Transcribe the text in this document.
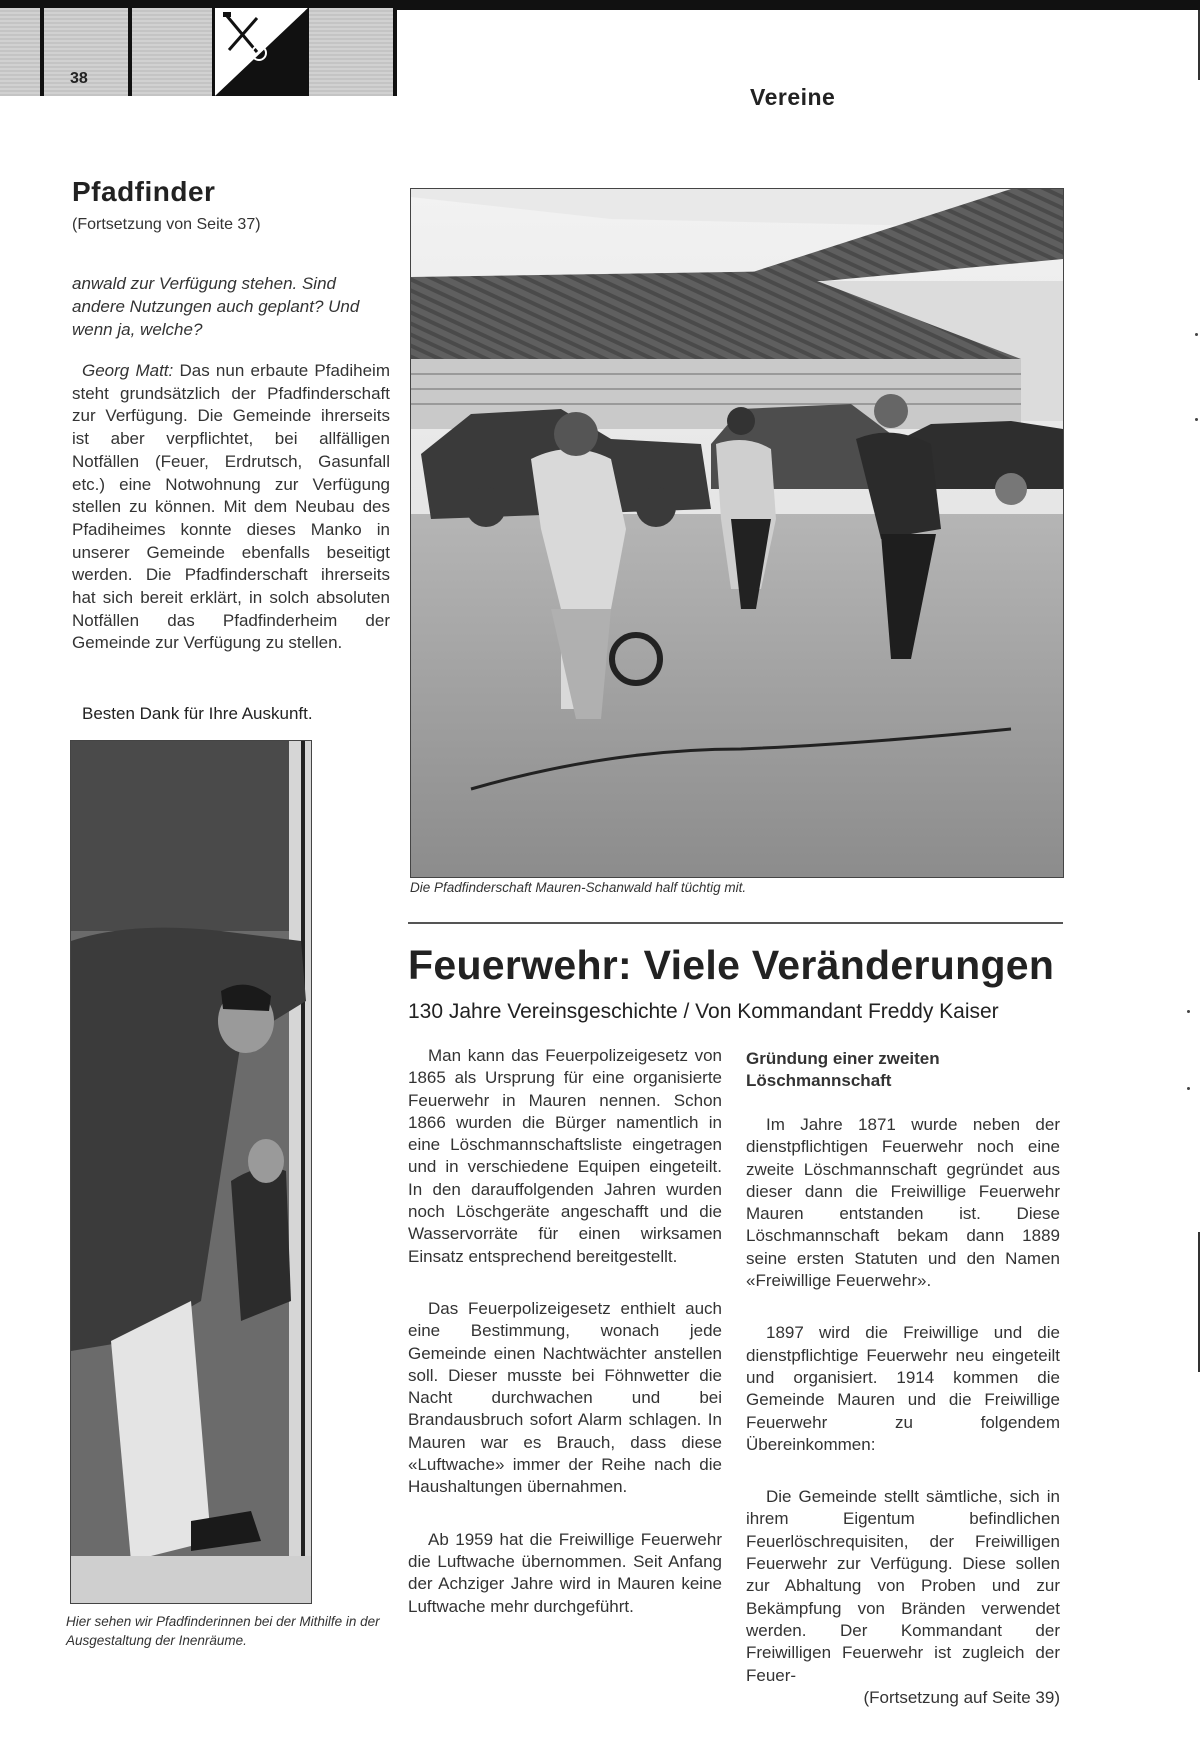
38
Vereine
Pfadfinder
(Fortsetzung von Seite 37)
anwald zur Verfügung stehen. Sind andere Nutzungen auch geplant? Und wenn ja, welche?
Georg Matt: Das nun erbaute Pfadiheim steht grundsätzlich der Pfadfinderschaft zur Verfügung. Die Gemeinde ihrerseits ist aber verpflichtet, bei allfälligen Notfällen (Feuer, Erdrutsch, Gasunfall etc.) eine Notwohnung zur Verfügung stellen zu können. Mit dem Neubau des Pfadiheimes konnte dieses Manko in unserer Gemeinde ebenfalls beseitigt werden. Die Pfadfinderschaft ihrerseits hat sich bereit erklärt, in solch absoluten Notfällen das Pfadfinderheim der Gemeinde zur Verfügung zu stellen.
Besten Dank für Ihre Auskunft.
Die Pfadfinderschaft Mauren-Schanwald half tüchtig mit.
Hier sehen wir Pfadfinderinnen bei der Mithilfe in der Ausgestaltung der Inenräume.
Feuerwehr: Viele Veränderungen
130 Jahre Vereinsgeschichte / Von Kommandant Freddy Kaiser

Man kann das Feuerpolizeigesetz von 1865 als Ursprung für eine organisierte Feuerwehr in Mauren nennen. Schon 1866 wurden die Bürger namentlich in eine Löschmannschaftsliste eingetragen und in verschiedene Equipen eingeteilt. In den darauffolgenden Jahren wurden noch Löschgeräte angeschafft und die Wasservorräte für einen wirksamen Einsatz entsprechend bereitgestellt.

Das Feuerpolizeigesetz enthielt auch eine Bestimmung, wonach jede Gemeinde einen Nachtwächter anstellen soll. Dieser musste bei Föhnwetter die Nacht durchwachen und bei Brandausbruch sofort Alarm schlagen. In Mauren war es Brauch, dass diese «Luftwache» immer der Reihe nach die Haushaltungen übernahmen.

Ab 1959 hat die Freiwillige Feuerwehr die Luftwache übernommen. Seit Anfang der Achziger Jahre wird in Mauren keine Luftwache mehr durchgeführt.

Gründung einer zweiten Löschmannschaft

Im Jahre 1871 wurde neben der dienstpflichtigen Feuerwehr noch eine zweite Löschmannschaft gegründet aus dieser dann die Freiwillige Feuerwehr Mauren entstanden ist. Diese Löschmannschaft bekam dann 1889 seine ersten Statuten und den Namen «Freiwillige Feuerwehr».

1897 wird die Freiwillige und die dienstpflichtige Feuerwehr neu eingeteilt und organisiert. 1914 kommen die Gemeinde Mauren und die Freiwillige Feuerwehr zu folgendem Übereinkommen:

Die Gemeinde stellt sämtliche, sich in ihrem Eigentum befindlichen Feuerlöschrequisiten, der Freiwilligen Feuerwehr zur Verfügung. Diese sollen zur Abhaltung von Proben und zur Bekämpfung von Bränden verwendet werden. Der Kommandant der Freiwilligen Feuerwehr ist zugleich der Feuer-

(Fortsetzung auf Seite 39)
